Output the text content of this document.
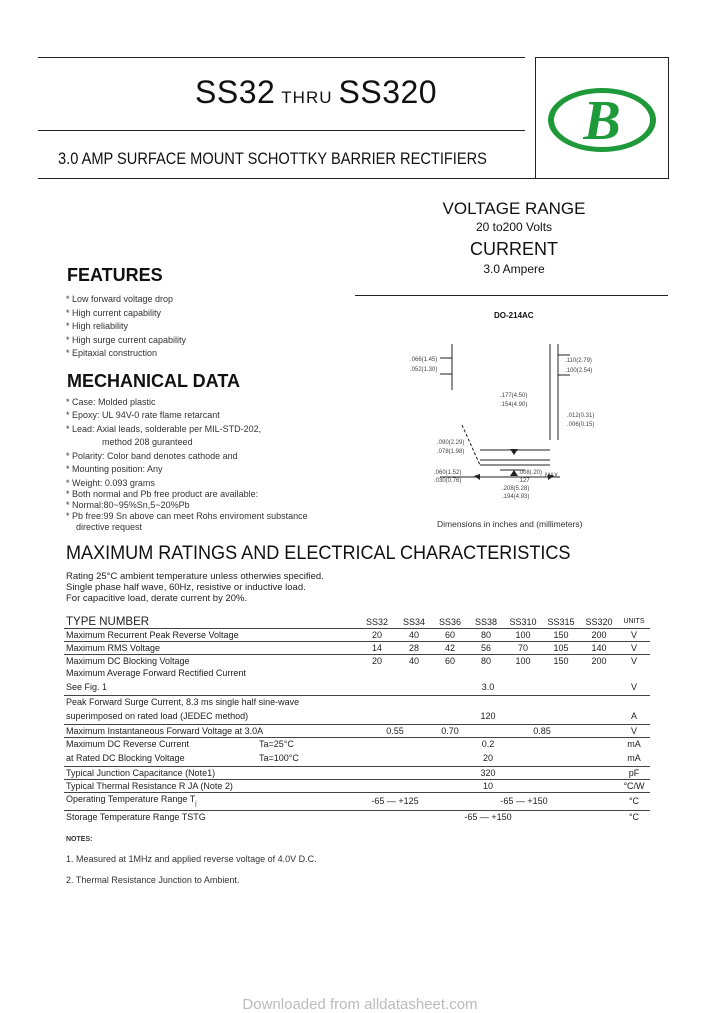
SS32 THRU SS320
3.0 AMP SURFACE MOUNT SCHOTTKY BARRIER RECTIFIERS
B
VOLTAGE RANGE
20 to200 Volts
CURRENT
3.0 Ampere
FEATURES
* Low forward voltage drop
* High current capability
* High reliability
* High surge current capability
* Epitaxial construction
MECHANICAL DATA
* Case: Molded plastic
* Epoxy: UL 94V-0 rate flame retarcant
* Lead: Axial leads, solderable per MIL-STD-202,
method 208 guranteed
* Polarity: Color band denotes cathode and
* Mounting position: Any
* Weight: 0.093 grams
* Both normal and Pb free product are available:
* Normal:80~95%Sn,5~20%Pb
* Pb free:99 Sn above can meet Rohs enviroment substance
directive request
DO-214AC
.066(1.45)
.052(1.30)
.110(2.79)
.100(2.54)
.177(4.50)
.154(4.90)
.012(0.31)
.006(0.15)
.090(2.29)
.078(1.98)
.060(1.52)
.030(0.76)
.008(.20) MAX.
.127
.208(5.28)
.194(4.93)
Dimensions in inches and (millimeters)
MAXIMUM RATINGS AND ELECTRICAL CHARACTERISTICS
Rating 25°C ambient temperature unless otherwies specified.
Single phase half wave, 60Hz, resistive or inductive load.
For capacitive load, derate current by 20%.
TYPE NUMBER	SS32	SS34	SS36	SS38	SS310	SS315	SS320	UNITS
Maximum Recurrent Peak Reverse Voltage	20	40	60	80	100	150	200	V
Maximum RMS Voltage	14	28	42	56	70	105	140	V
Maximum DC Blocking Voltage	20	40	60	80	100	150	200	V
Maximum Average Forward Rectified Current								
See Fig. 1	3.0							V
Peak Forward Surge Current, 8.3 ms single half sine-wave								
superimposed on rated load (JEDEC method)	120							A
Maximum Instantaneous Forward Voltage at 3.0A	0.55		0.70		0.85			V
Maximum DC Reverse Current Ta=25°C	0.2							mA
at Rated DC Blocking Voltage Ta=100°C	20							mA
Typical Junction Capacitance (Note1)	320							pF
Typical Thermal Resistance R JA (Note 2)	10							°C/W
Operating Temperature Range $T_j$	-65 — +125			-65 — +150				°C
Storage Temperature Range TSTG	-65 — +150							°C
NOTES:
1. Measured at 1MHz and applied reverse voltage of 4.0V D.C.
2. Thermal Resistance Junction to Ambient.
Downloaded from alldatasheet.com
